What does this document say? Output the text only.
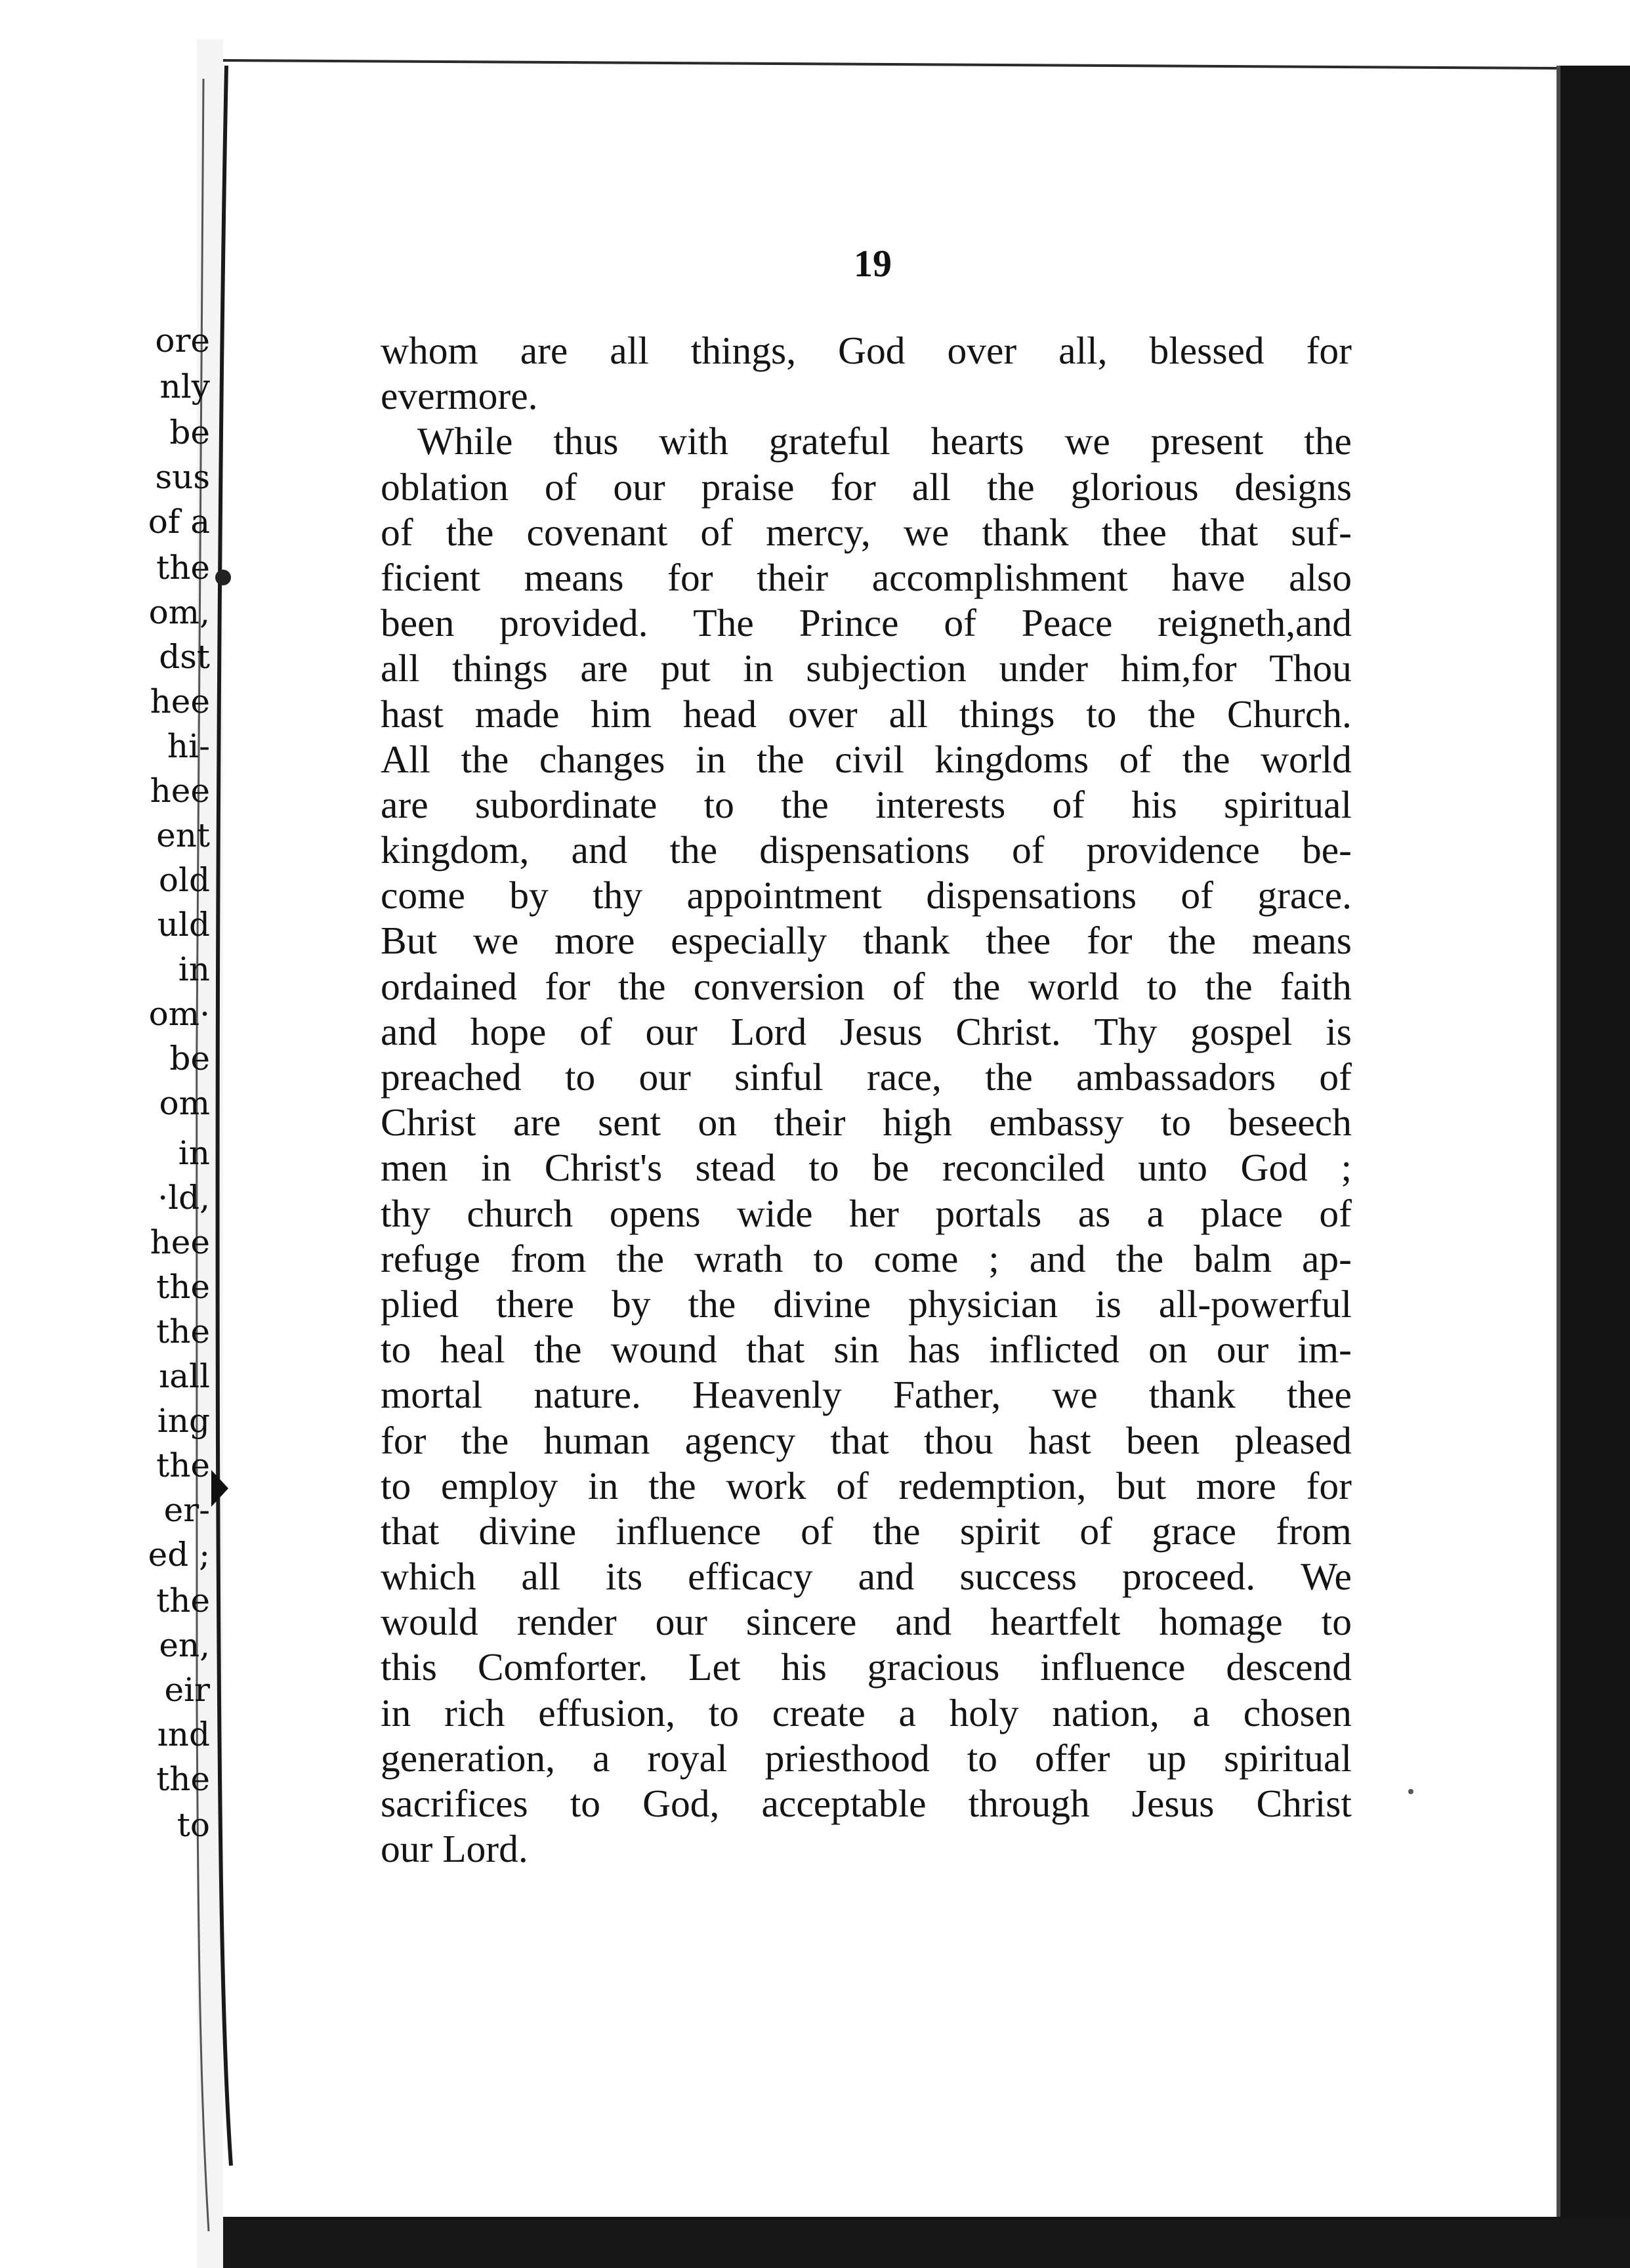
ore
nly
be
sus
of a
the
om,
dst
hee
hi-
hee
ent
old
uld
in
om·
be
om
in
·ld,
hee
the
the
ıall
ing
the
er-
ed ;
the
en,
eir
ınd
the
to
19
whom are all things, God over all, blessed for
evermore.
While thus with grateful hearts we present the
oblation of our praise for all the glorious designs
of the covenant of mercy, we thank thee that suf-
ficient means for their accomplishment have also
been provided. The Prince of Peace reigneth,and
all things are put in subjection under him,for Thou
hast made him head over all things to the Church.
All the changes in the civil kingdoms of the world
are subordinate to the interests of his spiritual
kingdom, and the dispensations of providence be-
come by thy appointment dispensations of grace.
But we more especially thank thee for the means
ordained for the conversion of the world to the faith
and hope of our Lord Jesus Christ. Thy gospel is
preached to our sinful race, the ambassadors of
Christ are sent on their high embassy to beseech
men in Christ's stead to be reconciled unto God ;
thy church opens wide her portals as a place of
refuge from the wrath to come ; and the balm ap-
plied there by the divine physician is all-powerful
to heal the wound that sin has inflicted on our im-
mortal nature. Heavenly Father, we thank thee
for the human agency that thou hast been pleased
to employ in the work of redemption, but more for
that divine influence of the spirit of grace from
which all its efficacy and success proceed. We
would render our sincere and heartfelt homage to
this Comforter. Let his gracious influence descend
in rich effusion, to create a holy nation, a chosen
generation, a royal priesthood to offer up spiritual
sacrifices to God, acceptable through Jesus Christ
our Lord.
